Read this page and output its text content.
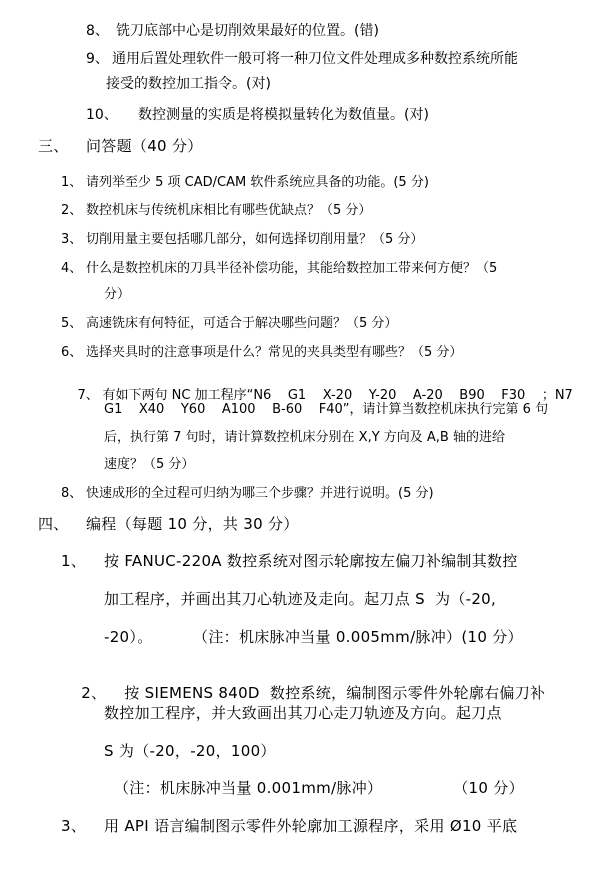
8、 铣刀底部中心是切削效果最好的位置。(错)
9、 通用后置处理软件一般可将一种刀位文件处理成多种数控系统所能
接受的数控加工指令。(对)
10、 数控测量的实质是将模拟量转化为数值量。(对)
三、 问答题（40 分）
1、 请列举至少 5 项 CAD/CAM 软件系统应具备的功能。(5 分)
2、 数控机床与传统机床相比有哪些优缺点？（5 分）
3、 切削用量主要包括哪几部分，如何选择切削用量？（5 分）
4、 什么是数控机床的刀具半径补偿功能，其能给数控加工带来何方便？（5
分）
5、 高速铣床有何特征，可适合于解决哪些问题？（5 分）
6、 选择夹具时的注意事项是什么？常见的夹具类型有哪些？（5 分）

7、 有如下两句 NC 加工程序“N6    G1    X-20    Y-20    A-20    B90    F30    ；N7

G1    X40    Y60    A100    B-60    F40”，请计算当数控机床执行完第 6 句
后，执行第 7 句时，请计算数控机床分别在 X,Y 方向及 A,B 轴的进给
速度？（5 分）
8、 快速成形的全过程可归纳为哪三个步骤？并进行说明。(5 分)
四、 编程（每题 10 分，共 30 分）
1、 按 FANUC-220A 数控系统对图示轮廓按左偏刀补编制其数控
加工程序，并画出其刀心轨迹及走向。起刀点 S  为（-20,
-20）。        （注：机床脉冲当量 0.005mm/脉冲）(10 分）

2、 按 SIEMENS 840D  数控系统，编制图示零件外轮廓右偏刀补

数控加工程序，并大致画出其刀心走刀轨迹及方向。起刀点
S 为（-20，-20，100）
（注：机床脉冲当量 0.001mm/脉冲）              （10 分）
3、 用 API 语言编制图示零件外轮廓加工源程序，采用 Ø10 平底
